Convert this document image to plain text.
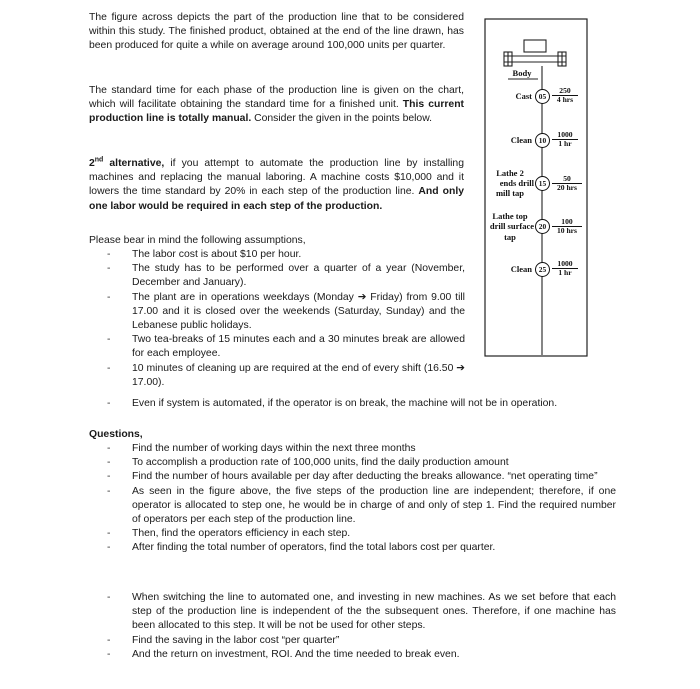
The figure across depicts the part of the production line that to be considered within this study. The finished product, obtained at the end of the line drawn, has been produced for quite a while on average around 100,000 units per quarter.

The standard time for each phase of the production line is given on the chart, which will facilitate obtaining the standard time for a finished unit. This current production line is totally manual. Consider the given in the points below.

2nd alternative, if you attempt to automate the production line by installing machines and replacing the manual laboring. A machine costs $10,000 and it lowers the time standard by 20% in each step of the production line. And only one labor would be required in each step of the production.

Please bear in mind the following assumptions,
- The labor cost is about $10 per hour.
- The study has to be performed over a quarter of a year (November, December and January).
- The plant are in operations weekdays (Monday ➔ Friday) from 9.00 till 17.00 and it is closed over the weekends (Saturday, Sunday) and the Lebanese public holidays.
- Two tea-breaks of 15 minutes each and a 30 minutes break are allowed for each employee.
- 10 minutes of cleaning up are required at the end of every shift (16.50 ➔ 17.00).
- Even if system is automated, if the operator is on break, the machine will not be in operation.
Questions,
- Find the number of working days within the next three months
- To accomplish a production rate of 100,000 units, find the daily production amount
- Find the number of hours available per day after deducting the breaks allowance. “net operating time”
- As seen in the figure above, the five steps of the production line are independent; therefore, if one operator is allocated to step one, he would be in charge of and only of step 1. Find the required number of operators per each step of the production line.
- Then, find the operators efficiency in each step.
- After finding the total number of operators, find the total labors cost per quarter.
- When switching the line to automated one, and investing in new machines. As we set before that each step of the production line is independent of the the subsequent ones. Therefore, if one machine has been allocated to this step. It will be not be used for other steps.
- Find the saving in the labor cost “per quarter”
- And the return on investment, ROI. And the time needed to break even.
Body
Cast 05
250
4 hrs
Clean $10 \frac{1000}{1 hr}$
Lathe 2
ends drill
mill tap
15
50
20 hrs
Lathe top
drill surface
tap
20
100
10 hrs
Clean $25 \frac{1000}{1 hr}$
